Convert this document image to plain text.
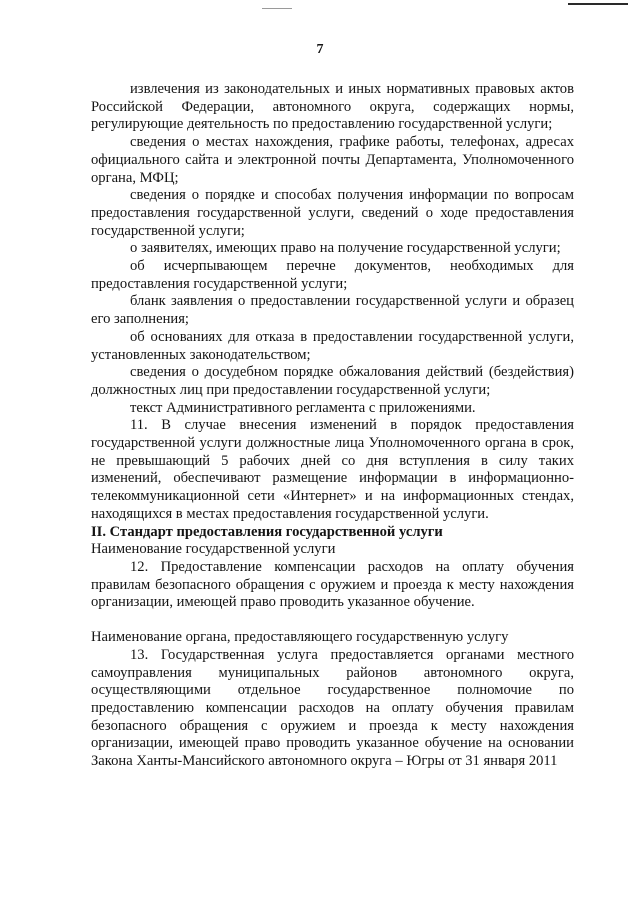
7

извлечения из законодательных и иных нормативных правовых актов Российской Федерации, автономного округа, содержащих нормы, регулирующие деятельность по предоставлению государственной услуги;

сведения о местах нахождения, графике работы, телефонах, адресах официального сайта и электронной почты Департамента, Уполномоченного органа, МФЦ;

сведения о порядке и способах получения информации по вопросам предоставления государственной услуги, сведений о ходе предоставления государственной услуги;

о заявителях, имеющих право на получение государственной услуги;

об исчерпывающем перечне документов, необходимых для предоставления государственной услуги;

бланк заявления о предоставлении государственной услуги и образец его заполнения;

об основаниях для отказа в предоставлении государственной услуги, установленных законодательством;

сведения о досудебном порядке обжалования действий (бездействия) должностных лиц при предоставлении государственной услуги;

текст Административного регламента с приложениями.

11. В случае внесения изменений в порядок предоставления государственной услуги должностные лица Уполномоченного органа в срок, не превышающий 5 рабочих дней со дня вступления в силу таких изменений, обеспечивают размещение информации в информационно-телекоммуникационной сети «Интернет» и на информационных стендах, находящихся в местах предоставления государственной услуги.

II. Стандарт предоставления государственной услуги

Наименование государственной услуги

12. Предоставление компенсации расходов на оплату обучения правилам безопасного обращения с оружием и проезда к месту нахождения организации, имеющей право проводить указанное обучение.

Наименование органа, предоставляющего государственную услугу

13. Государственная услуга предоставляется органами местного самоуправления муниципальных районов автономного округа, осуществляющими отдельное государственное полномочие по предоставлению компенсации расходов на оплату обучения правилам безопасного обращения с оружием и проезда к месту нахождения организации, имеющей право проводить указанное обучение на основании Закона Ханты-Мансийского автономного округа – Югры от 31 января 2011
